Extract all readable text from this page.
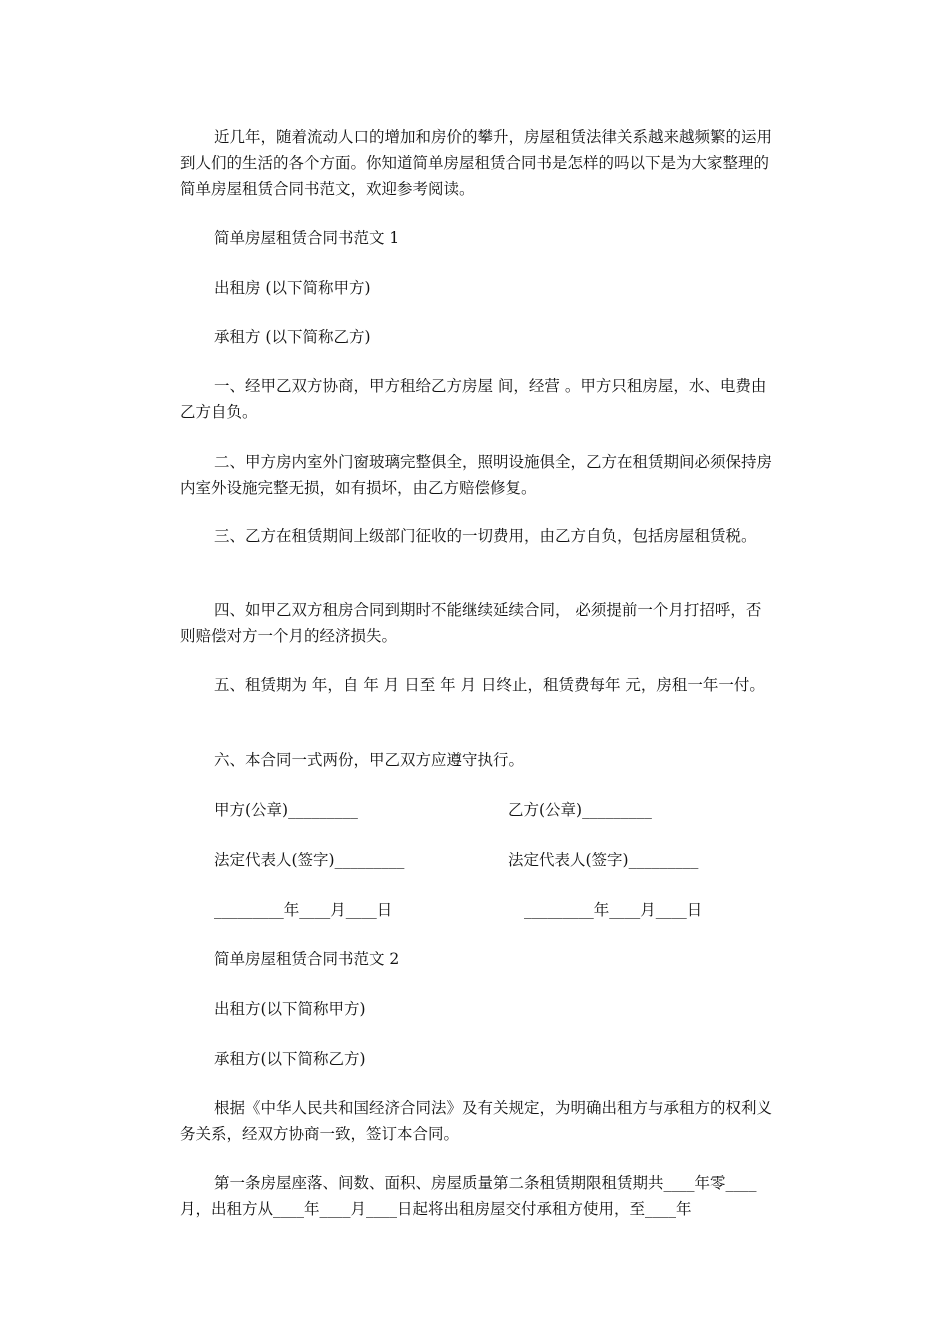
近几年，随着流动人口的增加和房价的攀升，房屋租赁法律关系越来越频繁的运用到人们的生活的各个方面。你知道简单房屋租赁合同书是怎样的吗以下是为大家整理的简单房屋租赁合同书范文，欢迎参考阅读。

简单房屋租赁合同书范文 1

出租房 (以下简称甲方)

承租方 (以下简称乙方)

一、经甲乙双方协商，甲方租给乙方房屋 间，经营 。甲方只租房屋，水、电费由乙方自负。

二、甲方房内室外门窗玻璃完整俱全，照明设施俱全，乙方在租赁期间必须保持房内室外设施完整无损，如有损坏，由乙方赔偿修复。

三、乙方在租赁期间上级部门征收的一切费用，由乙方自负，包括房屋租赁税。

四、如甲乙双方租房合同到期时不能继续延续合同， 必须提前一个月打招呼，否则赔偿对方一个月的经济损失。

五、租赁期为 年，自 年 月 日至 年 月 日终止，租赁费每年 元，房租一年一付。

六、本合同一式两份，甲乙双方应遵守执行。

甲方(公章)_________	乙方(公章)_________

法定代表人(签字)_________	法定代表人(签字)_________

_________年____月____日	_________年____月____日

简单房屋租赁合同书范文 2

出租方(以下简称甲方)

承租方(以下简称乙方)

根据《中华人民共和国经济合同法》及有关规定，为明确出租方与承租方的权利义务关系，经双方协商一致，签订本合同。

第一条房屋座落、间数、面积、房屋质量第二条租赁期限租赁期共____年零____月，出租方从____年____月____日起将出租房屋交付承租方使用，至____年
